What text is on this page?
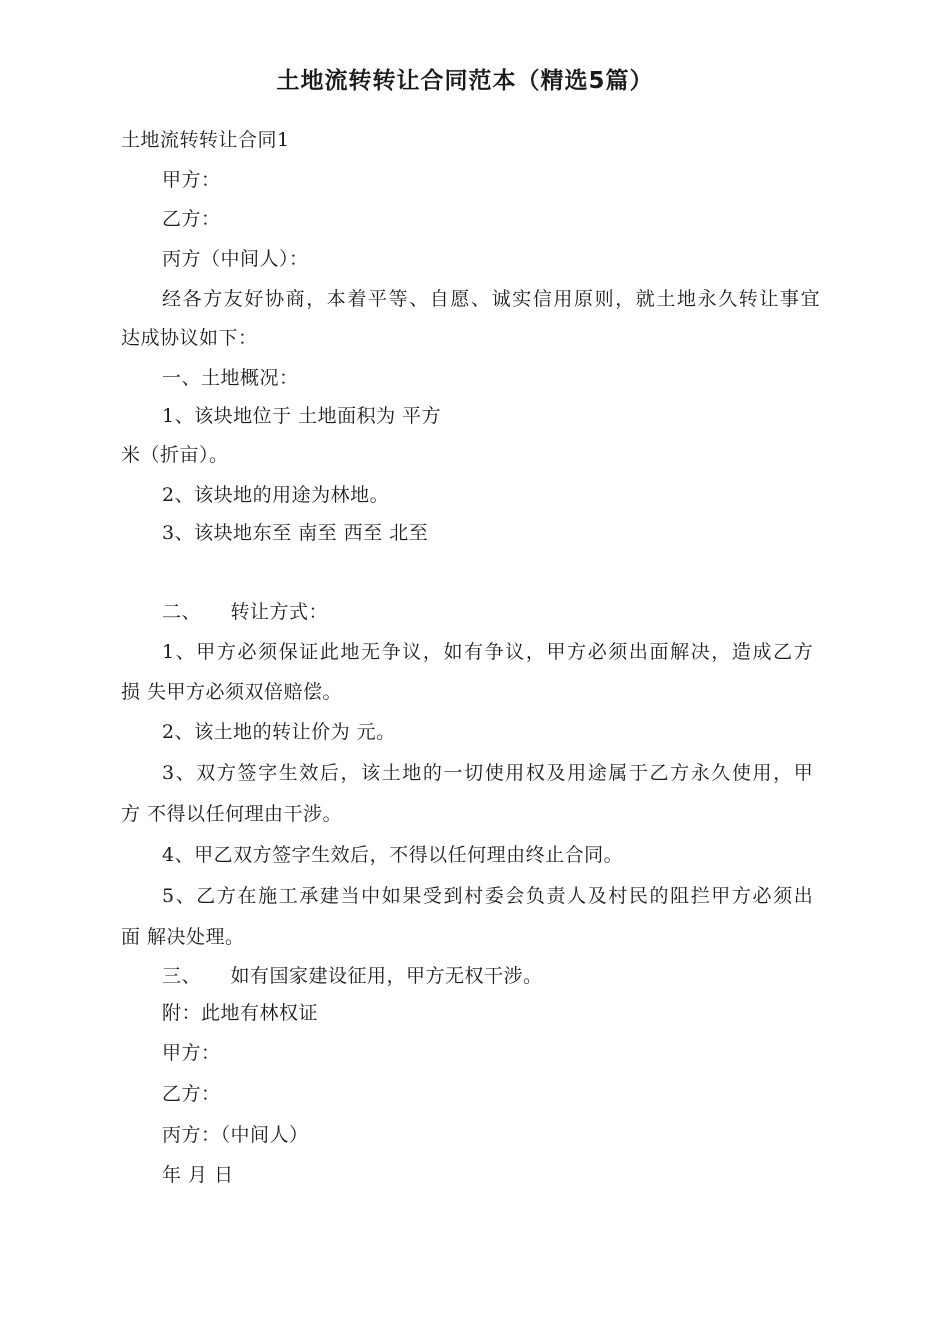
土地流转转让合同范本（精选5篇）
土地流转转让合同1
甲方：
乙方：
丙方（中间人）：
经各方友好协商，本着平等、自愿、诚实信用原则，就土地永久转让事宜
达成协议如下：
一、土地概况：
1、该块地位于 土地面积为 平方
米（折亩）。
2、该块地的用途为林地。
3、该块地东至 南至 西至 北至
二、　　转让方式：
1、甲方必须保证此地无争议，如有争议，甲方必须出面解决，造成乙方
损 失甲方必须双倍赔偿。
2、该土地的转让价为 元。
3、双方签字生效后，该土地的一切使用权及用途属于乙方永久使用，甲
方 不得以任何理由干涉。
4、甲乙双方签字生效后，不得以任何理由终止合同。
5、乙方在施工承建当中如果受到村委会负责人及村民的阻拦甲方必须出
面 解决处理。
三、　　如有国家建设征用，甲方无权干涉。
附：此地有林权证
甲方：
乙方：
丙方：（中间人）
年 月 日
